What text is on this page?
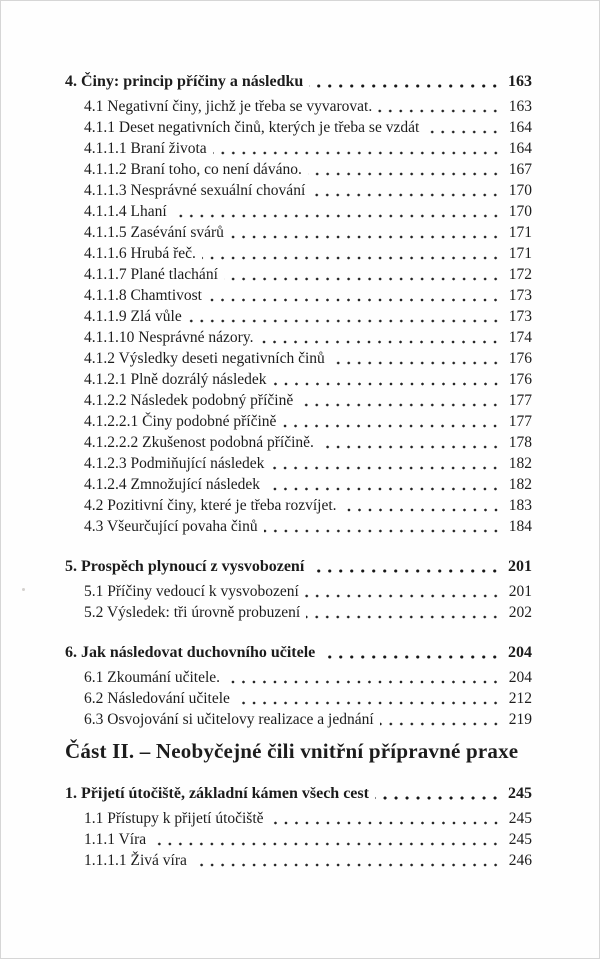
4. Činy: princip příčiny a následku	163
4.1 Negativní činy, jichž je třeba se vyvarovat.	163
4.1.1 Deset negativních činů, kterých je třeba se vzdát	164
4.1.1.1 Braní života	164
4.1.1.2 Braní toho, co není dáváno.	167
4.1.1.3 Nesprávné sexuální chování	170
4.1.1.4 Lhaní	170
4.1.1.5 Zasévání svárů	171
4.1.1.6 Hrubá řeč.	171
4.1.1.7 Plané tlachání	172
4.1.1.8 Chamtivost	173
4.1.1.9 Zlá vůle	173
4.1.1.10 Nesprávné názory.	174
4.1.2 Výsledky deseti negativních činů	176
4.1.2.1 Plně dozrálý následek	176
4.1.2.2 Následek podobný příčině	177
4.1.2.2.1 Činy podobné příčině	177
4.1.2.2.2 Zkušenost podobná příčině.	178
4.1.2.3 Podmiňující následek	182
4.1.2.4 Zmnožující následek	182
4.2 Pozitivní činy, které je třeba rozvíjet.	183
4.3 Všeurčující povaha činů	184
5. Prospěch plynoucí z vysvobození	201
5.1 Příčiny vedoucí k vysvobození	201
5.2 Výsledek: tři úrovně probuzení	202
6. Jak následovat duchovního učitele	204
6.1 Zkoumání učitele.	204
6.2 Následování učitele	212
6.3 Osvojování si učitelovy realizace a jednání	219
Část II. – Neobyčejné čili vnitřní přípravné praxe
1. Přijetí útočiště, základní kámen všech cest	245
1.1 Přístupy k přijetí útočiště	245
1.1.1 Víra	245
1.1.1.1 Živá víra	246
